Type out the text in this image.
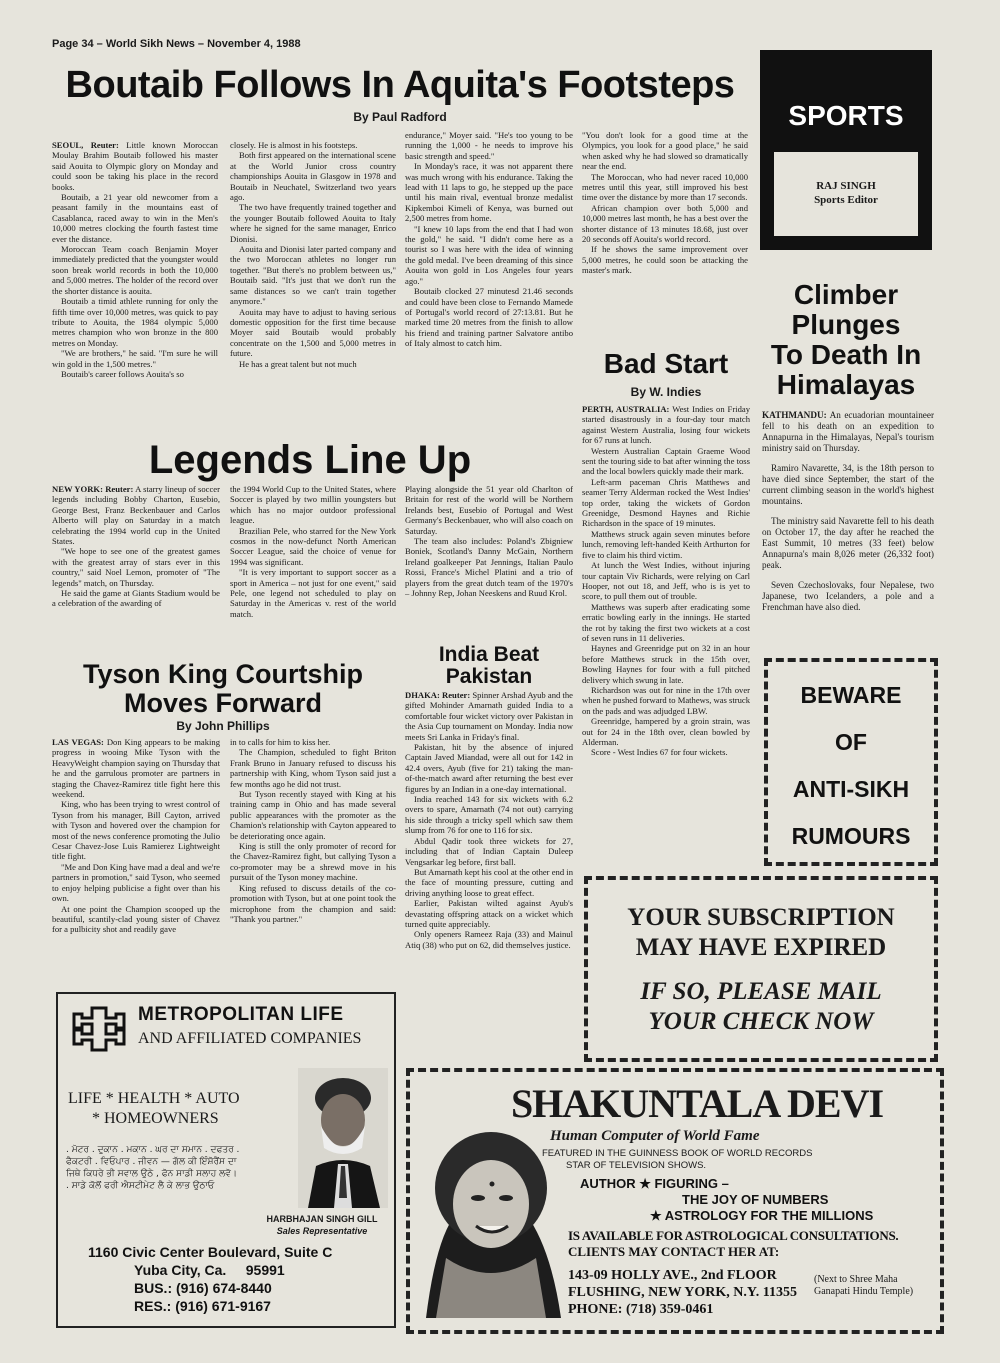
Page 34 – World Sikh News – November 4, 1988
Boutaib Follows In Aquita's Footsteps
By Paul Radford

SEOUL, Reuter: Little known Moroccan Moulay Brahim Boutaib followed his master said Aouita to Olympic glory on Monday and could soon be taking his place in the record books.

Boutaib, a 21 year old newcomer from a peasant family in the mountains east of Casablanca, raced away to win in the Men's 10,000 metres clocking the fourth fastest time ever the distance.

Moroccan Team coach Benjamin Moyer immediately predicted that the youngster would soon break world records in both the 10,000 and 5,000 metres. The holder of the record over the shorter distance is aouita.

Boutaib a timid athlete running for only the fifth time over 10,000 metres, was quick to pay tribute to Aouita, the 1984 olympic 5,000 metres champion who won bronze in the 800 metres on Monday.

"We are brothers," he said. "I'm sure he will win gold in the 1,500 metres."

Boutaib's career follows Aouita's so

closely. He is almost in his footsteps.

Both first appeared on the international scene at the World Junior cross country championships Aouita in Glasgow in 1978 and Boutaib in Neuchatel, Switzerland two years ago.

The two have frequently trained together and the younger Boutaib followed Aouita to Italy where he signed for the same manager, Enrico Dionisi.

Aouita and Dionisi later parted company and the two Moroccan athletes no longer run together. "But there's no problem between us," Boutaib said. "It's just that we don't run the same distances so we can't train together anymore."

Aouita may have to adjust to having serious domestic opposition for the first time because Moyer said Boutaib would probably concentrate on the 1,500 and 5,000 metres in future.

He has a great talent but not much

endurance," Moyer said. "He's too young to be running the 1,000 - he needs to improve his basic strength and speed."

In Monday's race, it was not apparent there was much wrong with his endurance. Taking the lead with 11 laps to go, he stepped up the pace until his main rival, eventual bronze medalist Kipkemboi Kimeli of Kenya, was burned out 2,500 metres from home.

"I knew 10 laps from the end that I had won the gold," he said. "I didn't come here as a tourist so I was here with the idea of winning the gold medal. I've been dreaming of this since Aouita won gold in Los Angeles four years ago."

Boutaib clocked 27 minutesd 21.46 seconds and could have been close to Fernando Mamede of Portugal's world record of 27:13.81. But he marked time 20 metres from the finish to allow his friend and training partner Salvatore antibo of Italy almost to catch him.

"You don't look for a good time at the Olympics, you look for a good place," he said when asked why he had slowed so dramatically near the end.

The Moroccan, who had never raced 10,000 metres until this year, still improved his best time over the distance by more than 17 seconds.

African champion over both 5,000 and 10,000 metres last month, he has a best over the shorter distance of 13 minutes 18.68, just over 20 seconds off Aouita's world record.

If he shows the same improvement over 5,000 metres, he could soon be attacking the master's mark.

SPORTS
RAJ SINGH
Sports Editor
Climber
Plunges
To Death In
Himalayas

KATHMANDU: An ecuadorian mountaineer fell to his death on an expedition to Annapurna in the Himalayas, Nepal's tourism ministry said on Thursday.

Ramiro Navarette, 34, is the 18th person to have died since September, the start of the current climbing season in the world's highest mountains.

The ministry said Navarette fell to his death on October 17, the day after he reached the East Summit, 10 metres (33 feet) below Annapurna's main 8,026 meter (26,332 foot) peak.

Seven Czechoslovaks, four Nepalese, two Japanese, two Icelanders, a pole and a Frenchman have also died.

Legends Line Up

NEW YORK: Reuter: A starry lineup of soccer legends including Bobby Charton, Eusebio, George Best, Franz Beckenbauer and Carlos Alberto will play on Saturday in a match celebrating the 1994 world cup in the United States.

"We hope to see one of the greatest games with the greatest array of stars ever in this country," said Noel Lemon, promoter of "The legends" match, on Thursday.

He said the game at Giants Stadium would be a celebration of the awarding of

the 1994 World Cup to the United States, where Soccer is played by two millin youngsters but which has no major outdoor professional league.

Brazilian Pele, who starred for the New York cosmos in the now-defunct North American Soccer League, said the choice of venue for 1994 was significant.

"It is very important to support soccer as a sport in America – not just for one event," said Pele, one legend not scheduled to play on Saturday in the Americas v. rest of the world match.

Playing alongside the 51 year old Charlton of Britain for rest of the world will be Northern Irelands best, Eusebio of Portugal and West Germany's Beckenbauer, who will also coach on Saturday.

The team also includes: Poland's Zbigniew Boniek, Scotland's Danny McGain, Northern Ireland goalkeeper Pat Jennings, Italian Paulo Rossi, France's Michel Platini and a trio of players from the great dutch team of the 1970's – Johnny Rep, Johan Neeskens and Ruud Krol.

Bad Start
By W. Indies

PERTH, AUSTRALIA: West Indies on Friday started disastrously in a four-day tour match against Western Australia, losing four wickets for 67 runs at lunch.

Western Australian Captain Graeme Wood sent the touring side to bat after winning the toss and the local bowlers quickly made their mark.

Left-arm paceman Chris Matthews and seamer Terry Alderman rocked the West Indies' top order, taking the wickets of Gordon Greenidge, Desmond Haynes and Richie Richardson in the space of 19 minutes.

Matthews struck again seven minutes before lunch, removing left-handed Keith Arthurton for five to claim his third victim.

At lunch the West Indies, without injuring tour captain Viv Richards, were relying on Carl Hooper, not out 18, and Jeff, who is is yet to score, to pull them out of trouble.

Matthews was superb after eradicating some erratic bowling early in the innings. He started the rot by taking the first two wickets at a cost of seven runs in 11 deliveries.

Haynes and Greenridge put on 32 in an hour before Matthews struck in the 15th over, Bowling Haynes for four with a full pitched delivery which swung in late.

Richardson was out for nine in the 17th over when he pushed forward to Mathews, was struck on the pads and was adjudged LBW.

Greenridge, hampered by a groin strain, was out for 24 in the 18th over, clean bowled by Alderman.

Score - West Indies 67 for four wickets.

Tyson King Courtship
Moves Forward
By John Phillips

LAS VEGAS: Don King appears to be making progress in wooing Mike Tyson with the HeavyWeight champion saying on Thursday that he and the garrulous promoter are partners in staging the Chavez-Ramirez title fight here this weekend.

King, who has been trying to wrest control of Tyson from his manager, Bill Cayton, arrived with Tyson and hovered over the champion for most of the news conference promoting the Julio Cesar Chavez-Jose Luis Ramierez Lightweight title fight.

"Me and Don King have mad a deal and we're partners in promotion," said Tyson, who seemed to enjoy helping publicise a fight over than his own.

At one point the Champion scooped up the beautiful, scantily-clad young sister of Chavez for a pulbicity shot and readily gave

in to calls for him to kiss her.

The Champion, scheduled to fight Briton Frank Bruno in January refused to discuss his partnership with King, whom Tyson said just a few months ago he did not trust.

But Tyson recently stayed with King at his training camp in Ohio and has made several public appearances with the promoter as the Chamion's relationship with Cayton appeared to be deteriorating once again.

King is still the only promoter of record for the Chavez-Ramirez fight, but callying Tyson a co-promoter may be a shrewd move in his pursuit of the Tyson money machine.

King refused to discuss details of the co-promotion with Tyson, but at one point took the microphone from the champion and said: "Thank you partner."

India Beat
Pakistan

DHAKA: Reuter: Spinner Arshad Ayub and the gifted Mohinder Amarnath guided India to a comfortable four wicket victory over Pakistan in the Asia Cup tournament on Monday. India now meets Sri Lanka in Friday's final.

Pakistan, hit by the absence of injured Captain Javed Miandad, were all out for 142 in 42.4 overs, Ayub (five for 21) taking the man-of-the-match award after returning the best ever figures by an Indian in a one-day international.

India reached 143 for six wickets with 6.2 overs to spare, Amarnath (74 not out) carrying his side through a tricky spell which saw them slump from 76 for one to 116 for six.

Abdul Qadir took three wickets for 27, including that of Indian Captain Duleep Vengsarkar leg before, first ball.

But Amarnath kept his cool at the other end in the face of mounting pressure, cutting and driving anything loose to great effect.

Earlier, Pakistan wilted against Ayub's devastating offspring attack on a wicket which turned quite appreciably.

Only openers Rameez Raja (33) and Mainul Atiq (38) who put on 62, did themselves justice.

BEWARE
OF
ANTI-SIKH
RUMOURS
YOUR SUBSCRIPTION
MAY HAVE EXPIRED
IF SO, PLEASE MAIL
YOUR CHECK NOW
METROPOLITAN LIFE
AND AFFILIATED COMPANIES
LIFE * HEALTH * AUTO
* HOMEOWNERS
. ਮੋਟਰ . ਦੁਕਾਨ . ਮਕਾਨ . ਘਰ ਦਾ ਸਮਾਨ . ਦਫਤਰ .
ਫੈਕਟਰੀ . ਵਿਓਪਾਰ . ਜੀਵਨ — ਗੱਲ ਕੀ ਇੰਸ਼ੋਰੈਂਸ ਦਾ
ਜਿਥੇ ਕਿਧਰੇ ਭੀ ਸਵਾਲ ਉਠੇ , ਫੋਨ ਸਾਡੀ ਸਲਾਹ ਲਵੋ।
. ਸਾਡੇ ਕੋਲੋਂ ਫਰੀ ਐਸਟੀਮੇਟ ਲੈ ਕੇ ਲਾਭ ਉਠਾਓ
HARBHAJAN SINGH GILL
Sales Representative
1160 Civic Center Boulevard, Suite C
Yuba City, Ca.     95991
BUS.: (916) 674-8440
RES.: (916) 671-9167
SHAKUNTALA DEVI
Human Computer of World Fame
FEATURED IN THE GUINNESS BOOK OF WORLD RECORDS
STAR OF TELEVISION SHOWS.
AUTHOR ★ FIGURING –
THE JOY OF NUMBERS
★ ASTROLOGY FOR THE MILLIONS
IS AVAILABLE FOR ASTROLOGICAL CONSULTATIONS.
CLIENTS MAY CONTACT HER AT:
143-09 HOLLY AVE., 2nd FLOOR
FLUSHING, NEW YORK, N.Y. 11355
(Next to Shree Maha Ganapati Hindu Temple)
PHONE: (718) 359-0461
